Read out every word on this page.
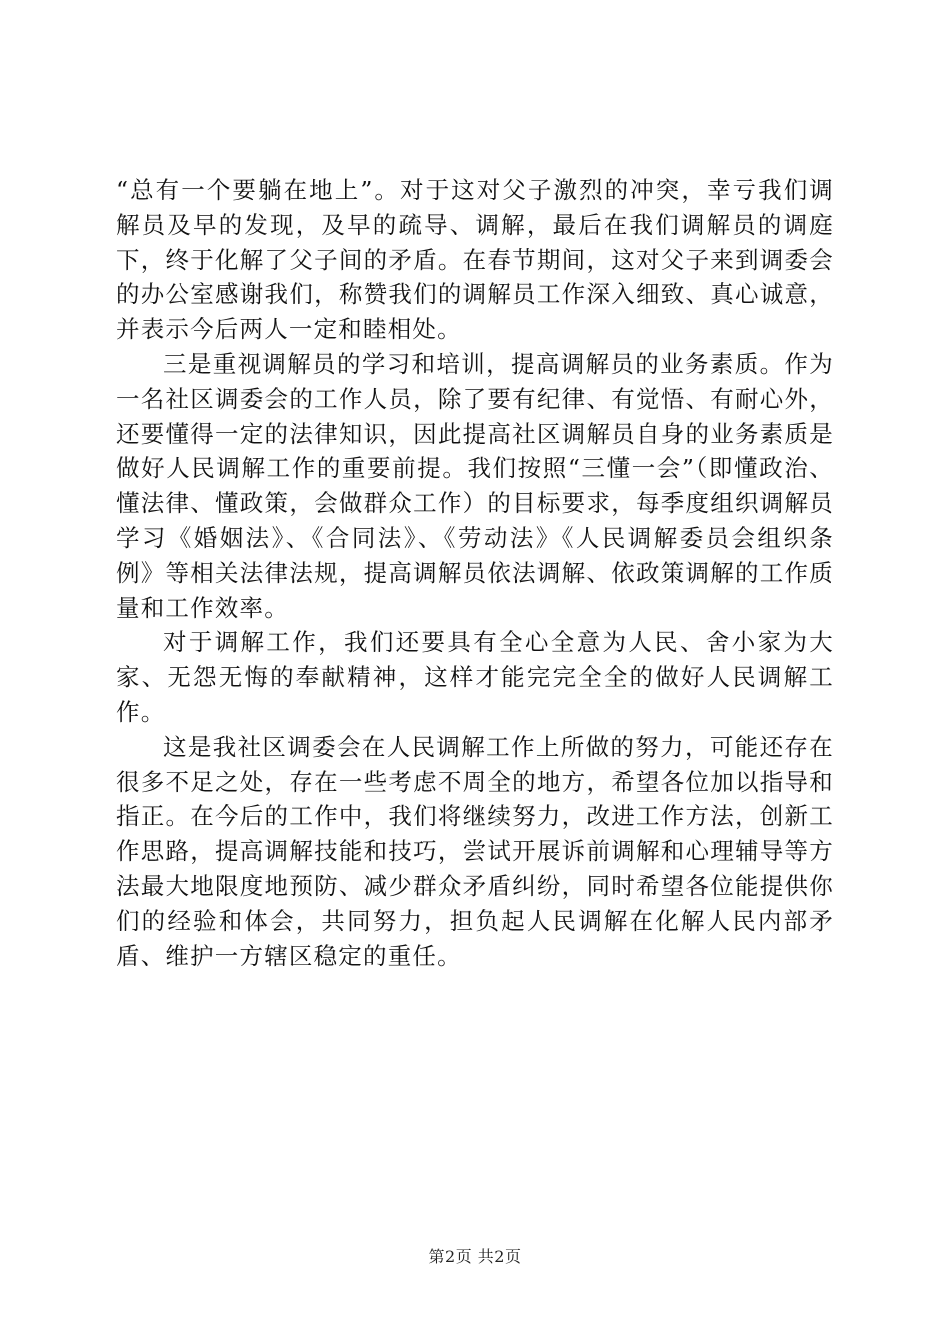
“总有一个要躺在地上”。对于这对父子激烈的冲突，幸亏我们调解员及早的发现，及早的疏导、调解，最后在我们调解员的调庭下，终于化解了父子间的矛盾。在春节期间，这对父子来到调委会的办公室感谢我们，称赞我们的调解员工作深入细致、真心诚意，并表示今后两人一定和睦相处。

三是重视调解员的学习和培训，提高调解员的业务素质。作为一名社区调委会的工作人员，除了要有纪律、有觉悟、有耐心外，还要懂得一定的法律知识，因此提高社区调解员自身的业务素质是做好人民调解工作的重要前提。我们按照“三懂一会”（即懂政治、懂法律、懂政策，会做群众工作）的目标要求，每季度组织调解员学习《婚姻法》、《合同法》、《劳动法》《人民调解委员会组织条例》等相关法律法规，提高调解员依法调解、依政策调解的工作质量和工作效率。

对于调解工作，我们还要具有全心全意为人民、舍小家为大家、无怨无悔的奉献精神，这样才能完完全全的做好人民调解工作。

这是我社区调委会在人民调解工作上所做的努力，可能还存在很多不足之处，存在一些考虑不周全的地方，希望各位加以指导和指正。在今后的工作中，我们将继续努力，改进工作方法，创新工作思路，提高调解技能和技巧，尝试开展诉前调解和心理辅导等方法最大地限度地预防、减少群众矛盾纠纷，同时希望各位能提供你们的经验和体会，共同努力，担负起人民调解在化解人民内部矛盾、维护一方辖区稳定的重任。

第2页 共2页
